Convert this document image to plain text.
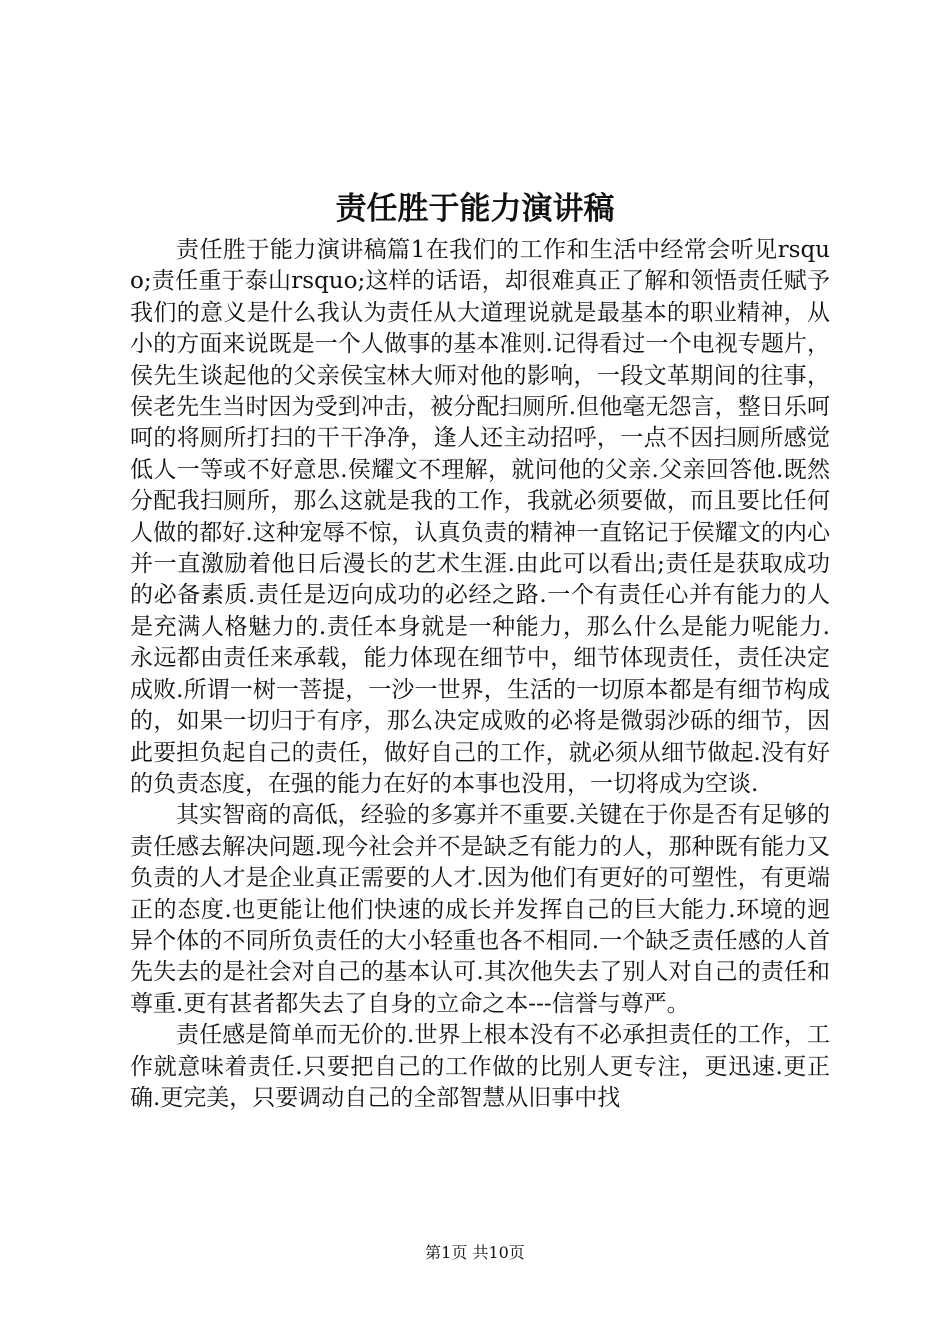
责任胜于能力演讲稿

责任胜于能力演讲稿篇1在我们的工作和生活中经常会听见rsquo;责任重于泰山rsquo;这样的话语，却很难真正了解和领悟责任赋予我们的意义是什么我认为责任从大道理说就是最基本的职业精神，从小的方面来说既是一个人做事的基本准则.记得看过一个电视专题片，侯先生谈起他的父亲侯宝林大师对他的影响，一段文革期间的往事，侯老先生当时因为受到冲击，被分配扫厕所.但他毫无怨言，整日乐呵呵的将厕所打扫的干干净净，逢人还主动招呼，一点不因扫厕所感觉低人一等或不好意思.侯耀文不理解，就问他的父亲.父亲回答他.既然分配我扫厕所，那么这就是我的工作，我就必须要做，而且要比任何人做的都好.这种宠辱不惊，认真负责的精神一直铭记于侯耀文的内心并一直激励着他日后漫长的艺术生涯.由此可以看出;责任是获取成功的必备素质.责任是迈向成功的必经之路.一个有责任心并有能力的人是充满人格魅力的.责任本身就是一种能力，那么什么是能力呢能力.永远都由责任来承载，能力体现在细节中，细节体现责任，责任决定成败.所谓一树一菩提，一沙一世界，生活的一切原本都是有细节构成的，如果一切归于有序，那么决定成败的必将是微弱沙砾的细节，因此要担负起自己的责任，做好自己的工作，就必须从细节做起.没有好的负责态度，在强的能力在好的本事也没用，一切将成为空谈.

其实智商的高低，经验的多寡并不重要.关键在于你是否有足够的责任感去解决问题.现今社会并不是缺乏有能力的人，那种既有能力又负责的人才是企业真正需要的人才.因为他们有更好的可塑性，有更端正的态度.也更能让他们快速的成长并发挥自己的巨大能力.环境的迥异个体的不同所负责任的大小轻重也各不相同.一个缺乏责任感的人首先失去的是社会对自己的基本认可.其次他失去了别人对自己的责任和尊重.更有甚者都失去了自身的立命之本---信誉与尊严。

责任感是简单而无价的.世界上根本没有不必承担责任的工作，工作就意味着责任.只要把自己的工作做的比别人更专注，更迅速.更正确.更完美，只要调动自己的全部智慧从旧事中找

第1页 共10页
